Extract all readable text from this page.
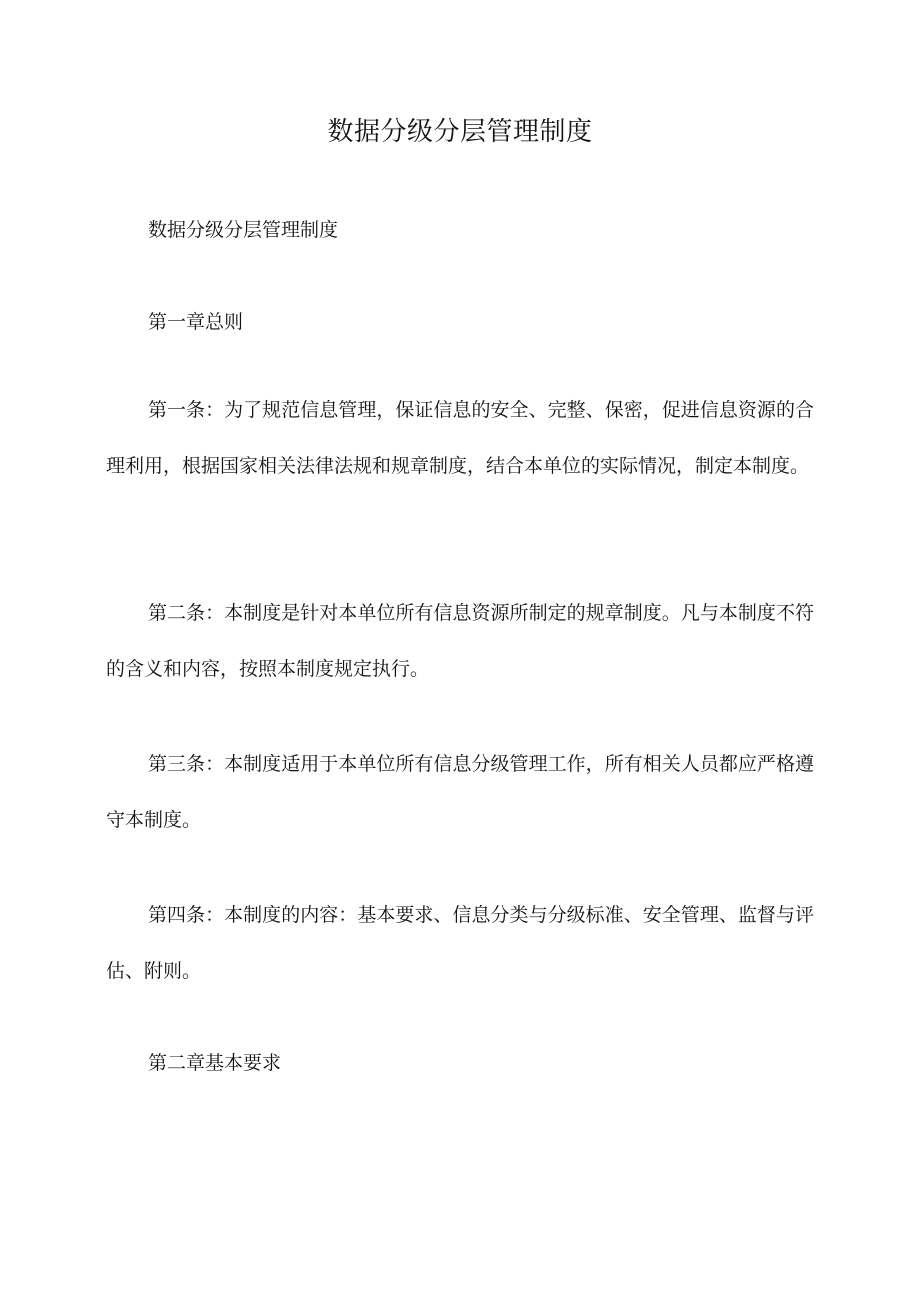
数据分级分层管理制度

数据分级分层管理制度

第一章总则

第一条：为了规范信息管理，保证信息的安全、完整、保密，促进信息资源的合理利用，根据国家相关法律法规和规章制度，结合本单位的实际情况，制定本制度。

第二条：本制度是针对本单位所有信息资源所制定的规章制度。凡与本制度不符的含义和内容，按照本制度规定执行。

第三条：本制度适用于本单位所有信息分级管理工作，所有相关人员都应严格遵守本制度。

第四条：本制度的内容：基本要求、信息分类与分级标准、安全管理、监督与评估、附则。

第二章基本要求
